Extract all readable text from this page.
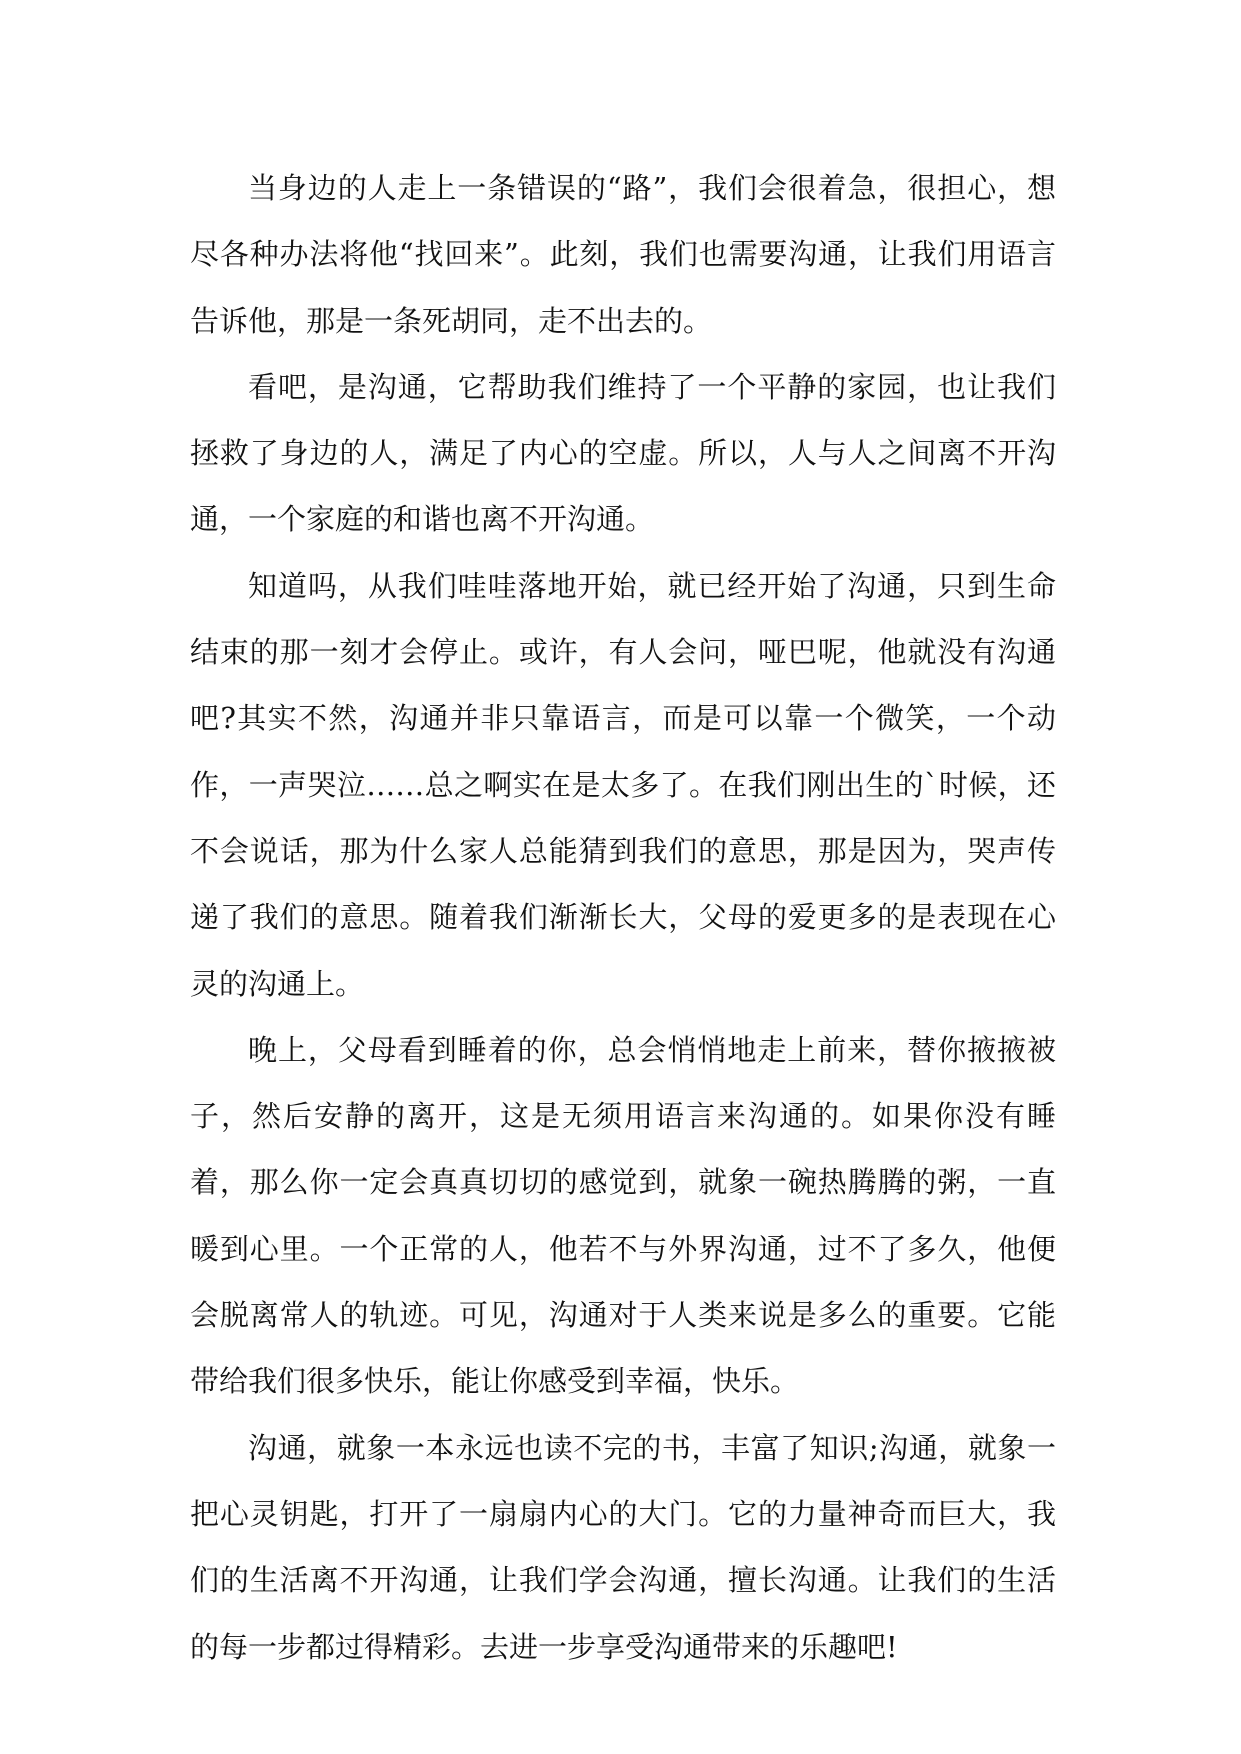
当身边的人走上一条错误的“路”，我们会很着急，很担心，想尽各种办法将他“找回来”。此刻，我们也需要沟通，让我们用语言告诉他，那是一条死胡同，走不出去的。

看吧，是沟通，它帮助我们维持了一个平静的家园，也让我们拯救了身边的人，满足了内心的空虚。所以，人与人之间离不开沟通，一个家庭的和谐也离不开沟通。

知道吗，从我们哇哇落地开始，就已经开始了沟通，只到生命结束的那一刻才会停止。或许，有人会问，哑巴呢，他就没有沟通吧?其实不然，沟通并非只靠语言，而是可以靠一个微笑，一个动作，一声哭泣……总之啊实在是太多了。在我们刚出生的`时候，还不会说话，那为什么家人总能猜到我们的意思，那是因为，哭声传递了我们的意思。随着我们渐渐长大，父母的爱更多的是表现在心灵的沟通上。

晚上，父母看到睡着的你，总会悄悄地走上前来，替你掖掖被子，然后安静的离开，这是无须用语言来沟通的。如果你没有睡着，那么你一定会真真切切的感觉到，就象一碗热腾腾的粥，一直暖到心里。一个正常的人，他若不与外界沟通，过不了多久，他便会脱离常人的轨迹。可见，沟通对于人类来说是多么的重要。它能带给我们很多快乐，能让你感受到幸福，快乐。

沟通，就象一本永远也读不完的书，丰富了知识;沟通，就象一把心灵钥匙，打开了一扇扇内心的大门。它的力量神奇而巨大，我们的生活离不开沟通，让我们学会沟通，擅长沟通。让我们的生活的每一步都过得精彩。去进一步享受沟通带来的乐趣吧!
